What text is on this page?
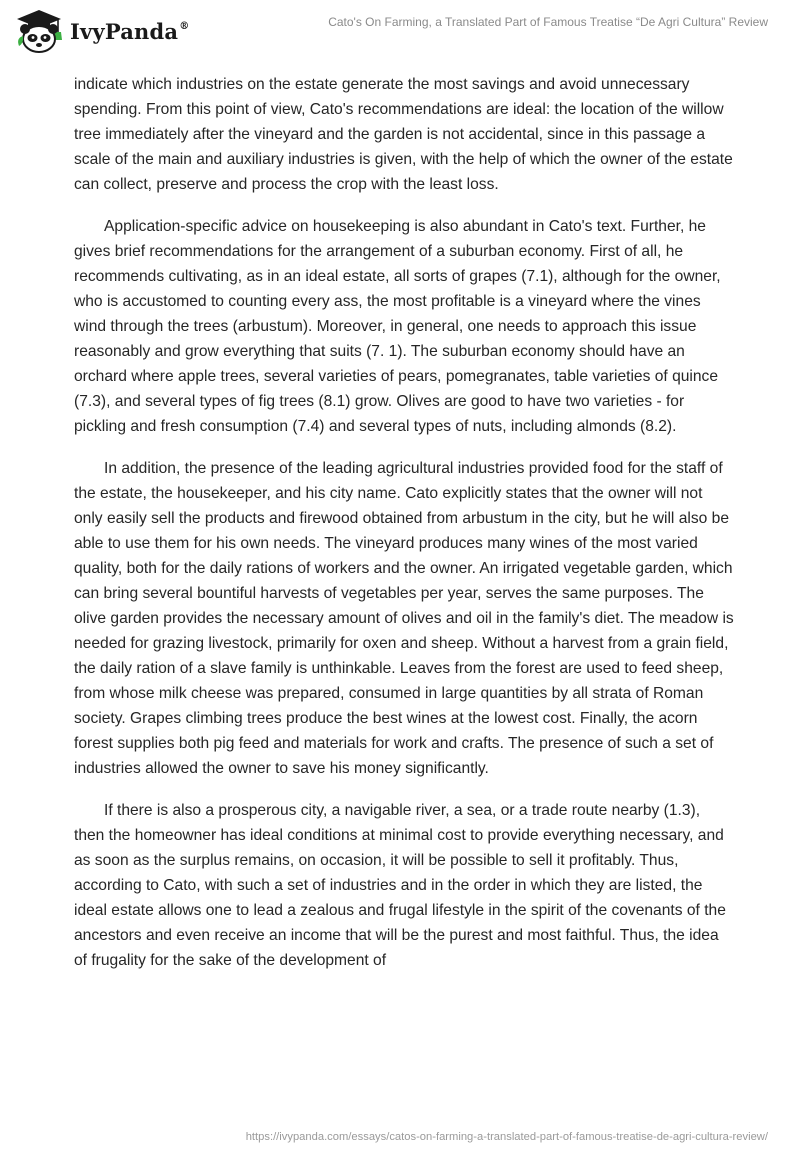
IvyPanda®	Cato's On Farming, a Translated Part of Famous Treatise “De Agri Cultura” Review

indicate which industries on the estate generate the most savings and avoid unnecessary spending. From this point of view, Cato's recommendations are ideal: the location of the willow tree immediately after the vineyard and the garden is not accidental, since in this passage a scale of the main and auxiliary industries is given, with the help of which the owner of the estate can collect, preserve and process the crop with the least loss.

Application-specific advice on housekeeping is also abundant in Cato's text. Further, he gives brief recommendations for the arrangement of a suburban economy. First of all, he recommends cultivating, as in an ideal estate, all sorts of grapes (7.1), although for the owner, who is accustomed to counting every ass, the most profitable is a vineyard where the vines wind through the trees (arbustum). Moreover, in general, one needs to approach this issue reasonably and grow everything that suits (7. 1). The suburban economy should have an orchard where apple trees, several varieties of pears, pomegranates, table varieties of quince (7.3), and several types of fig trees (8.1) grow. Olives are good to have two varieties - for pickling and fresh consumption (7.4) and several types of nuts, including almonds (8.2).

In addition, the presence of the leading agricultural industries provided food for the staff of the estate, the housekeeper, and his city name. Cato explicitly states that the owner will not only easily sell the products and firewood obtained from arbustum in the city, but he will also be able to use them for his own needs. The vineyard produces many wines of the most varied quality, both for the daily rations of workers and the owner. An irrigated vegetable garden, which can bring several bountiful harvests of vegetables per year, serves the same purposes. The olive garden provides the necessary amount of olives and oil in the family's diet. The meadow is needed for grazing livestock, primarily for oxen and sheep. Without a harvest from a grain field, the daily ration of a slave family is unthinkable. Leaves from the forest are used to feed sheep, from whose milk cheese was prepared, consumed in large quantities by all strata of Roman society. Grapes climbing trees produce the best wines at the lowest cost. Finally, the acorn forest supplies both pig feed and materials for work and crafts. The presence of such a set of industries allowed the owner to save his money significantly.

If there is also a prosperous city, a navigable river, a sea, or a trade route nearby (1.3), then the homeowner has ideal conditions at minimal cost to provide everything necessary, and as soon as the surplus remains, on occasion, it will be possible to sell it profitably. Thus, according to Cato, with such a set of industries and in the order in which they are listed, the ideal estate allows one to lead a zealous and frugal lifestyle in the spirit of the covenants of the ancestors and even receive an income that will be the purest and most faithful. Thus, the idea of frugality for the sake of the development of

https://ivypanda.com/essays/catos-on-farming-a-translated-part-of-famous-treatise-de-agri-cultura-review/
